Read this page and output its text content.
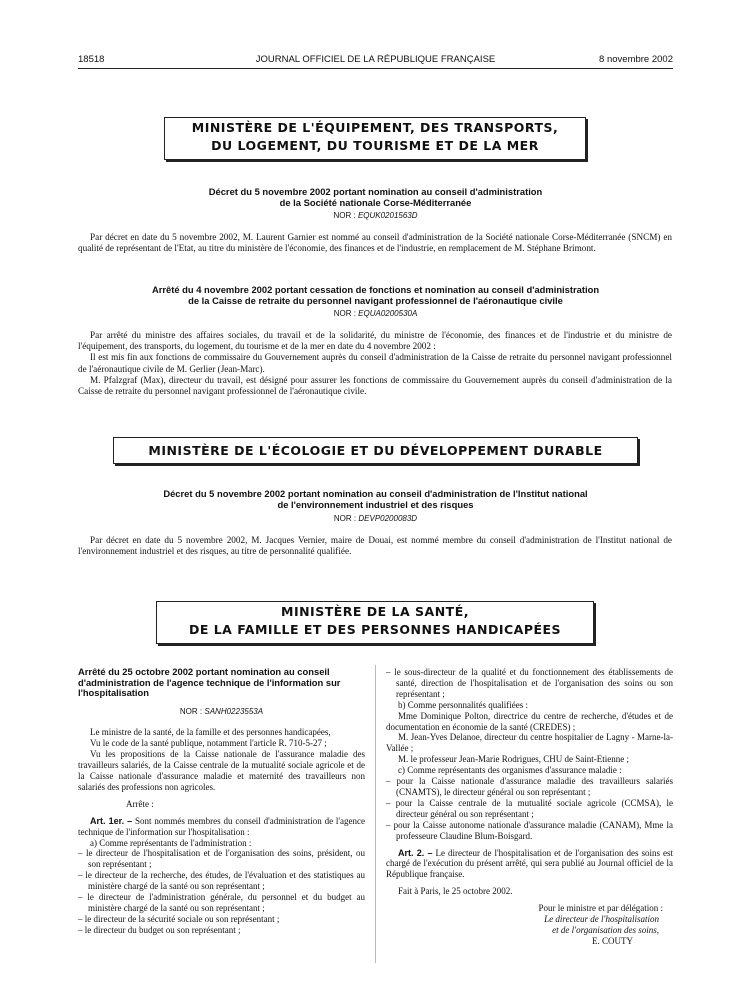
18518	JOURNAL OFFICIEL DE LA RÉPUBLIQUE FRANÇAISE	8 novembre 2002
MINISTÈRE DE L'ÉQUIPEMENT, DES TRANSPORTS,
DU LOGEMENT, DU TOURISME ET DE LA MER
Décret du 5 novembre 2002 portant nomination au conseil d'administration
de la Société nationale Corse-Méditerranée
NOR : EQUK0201563D
Par décret en date du 5 novembre 2002, M. Laurent Garnier est nommé au conseil d'administration de la Société nationale Corse-Méditerranée (SNCM) en qualité de représentant de l'Etat, au titre du ministère de l'économie, des finances et de l'industrie, en remplacement de M. Stéphane Brimont.
Arrêté du 4 novembre 2002 portant cessation de fonctions et nomination au conseil d'administration
de la Caisse de retraite du personnel navigant professionnel de l'aéronautique civile
NOR : EQUA0200530A
Par arrêté du ministre des affaires sociales, du travail et de la solidarité, du ministre de l'économie, des finances et de l'industrie et du ministre de l'équipement, des transports, du logement, du tourisme et de la mer en date du 4 novembre 2002 :
Il est mis fin aux fonctions de commissaire du Gouvernement auprès du conseil d'administration de la Caisse de retraite du personnel navigant professionnel de l'aéronautique civile de M. Gerlier (Jean-Marc).
M. Pfalzgraf (Max), directeur du travail, est désigné pour assurer les fonctions de commissaire du Gouvernement auprès du conseil d'administration de la Caisse de retraite du personnel navigant professionnel de l'aéronautique civile.
MINISTÈRE DE L'ÉCOLOGIE ET DU DÉVELOPPEMENT DURABLE
Décret du 5 novembre 2002 portant nomination au conseil d'administration de l'Institut national
de l'environnement industriel et des risques
NOR : DEVP0200083D
Par décret en date du 5 novembre 2002, M. Jacques Vernier, maire de Douai, est nommé membre du conseil d'administration de l'Institut national de l'environnement industriel et des risques, au titre de personnalité qualifiée.
MINISTÈRE DE LA SANTÉ,
DE LA FAMILLE ET DES PERSONNES HANDICAPÉES
Arrêté du 25 octobre 2002 portant nomination au conseil d'administration de l'agence technique de l'information sur l'hospitalisation
NOR : SANH0223553A
Le ministre de la santé, de la famille et des personnes handicapées,
Vu le code de la santé publique, notamment l'article R. 710-5-27 ;
Vu les propositions de la Caisse nationale de l'assurance maladie des travailleurs salariés, de la Caisse centrale de la mutualité sociale agricole et de la Caisse nationale d'assurance maladie et maternité des travailleurs non salariés des professions non agricoles.
Arrête :
Art. 1er. – Sont nommés membres du conseil d'administration de l'agence technique de l'information sur l'hospitalisation :
a) Comme représentants de l'administration :
– le directeur de l'hospitalisation et de l'organisation des soins, président, ou son représentant ;
– le directeur de la recherche, des études, de l'évaluation et des statistiques au ministère chargé de la santé ou son représentant ;
– le directeur de l'administration générale, du personnel et du budget au ministère chargé de la santé ou son représentant ;
– le directeur de la sécurité sociale ou son représentant ;
– le directeur du budget ou son représentant ;
– le sous-directeur de la qualité et du fonctionnement des établissements de santé, direction de l'hospitalisation et de l'organisation des soins ou son représentant ;
b) Comme personnalités qualifiées :
Mme Dominique Polton, directrice du centre de recherche, d'études et de documentation en économie de la santé (CREDES) ;
M. Jean-Yves Delanoe, directeur du centre hospitalier de Lagny - Marne-la-Vallée ;
M. le professeur Jean-Marie Rodrigues, CHU de Saint-Etienne ;
c) Comme représentants des organismes d'assurance maladie :
– pour la Caisse nationale d'assurance maladie des travailleurs salariés (CNAMTS), le directeur général ou son représentant ;
– pour la Caisse centrale de la mutualité sociale agricole (CCMSA), le directeur général ou son représentant ;
– pour la Caisse autonome nationale d'assurance maladie (CANAM), Mme la professeure Claudine Blum-Boisgard.
Art. 2. – Le directeur de l'hospitalisation et de l'organisation des soins est chargé de l'exécution du présent arrêté, qui sera publié au Journal officiel de la République française.
Fait à Paris, le 25 octobre 2002.
Pour le ministre et par délégation :
Le directeur de l'hospitalisation
et de l'organisation des soins,
E. COUTY
